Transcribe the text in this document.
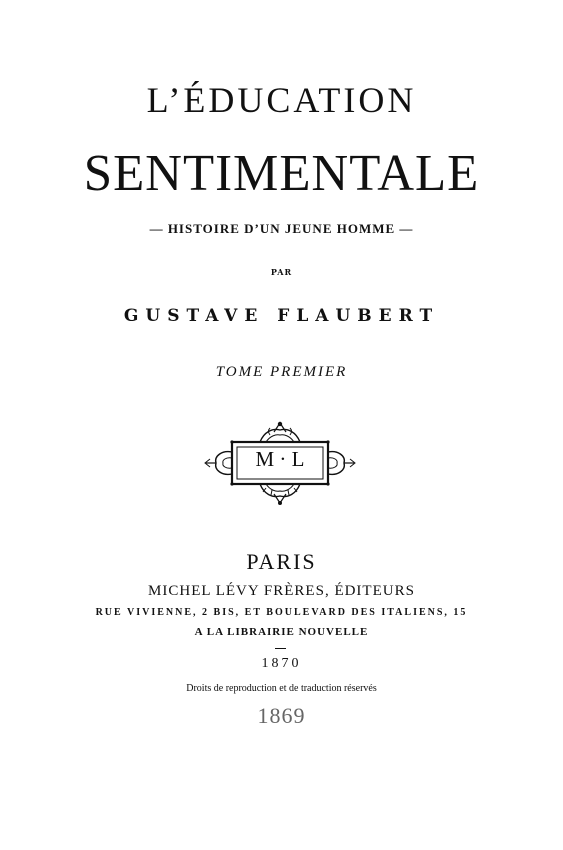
L’ÉDUCATION
SENTIMENTALE
— HISTOIRE D’UN JEUNE HOMME —
PAR
GUSTAVE FLAUBERT
TOME PREMIER
M · L
PARIS
MICHEL LÉVY FRÈRES, ÉDITEURS
RUE VIVIENNE, 2 BIS, ET BOULEVARD DES ITALIENS, 15
A LA LIBRAIRIE NOUVELLE
1870
Droits de reproduction et de traduction réservés
1869
